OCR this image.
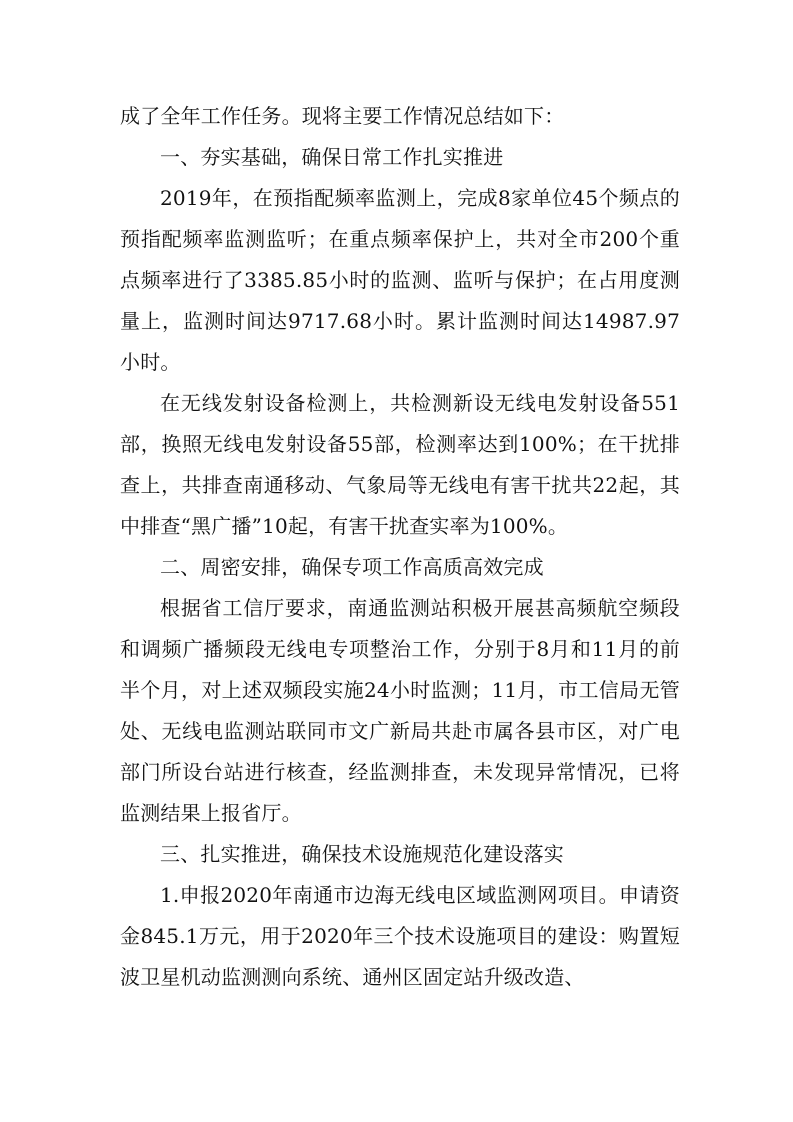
成了全年工作任务。现将主要工作情况总结如下：

一、夯实基础，确保日常工作扎实推进

2019年，在预指配频率监测上，完成8家单位45个频点的预指配频率监测监听；在重点频率保护上，共对全市200个重点频率进行了3385.85小时的监测、监听与保护；在占用度测量上，监测时间达9717.68小时。累计监测时间达14987.97小时。

在无线发射设备检测上，共检测新设无线电发射设备551部，换照无线电发射设备55部，检测率达到100%；在干扰排查上，共排查南通移动、气象局等无线电有害干扰共22起，其中排查“黑广播”10起，有害干扰查实率为100%。

二、周密安排，确保专项工作高质高效完成

根据省工信厅要求，南通监测站积极开展甚高频航空频段和调频广播频段无线电专项整治工作，分别于8月和11月的前半个月，对上述双频段实施24小时监测；11月，市工信局无管处、无线电监测站联同市文广新局共赴市属各县市区，对广电部门所设台站进行核查，经监测排查，未发现异常情况，已将监测结果上报省厅。

三、扎实推进，确保技术设施规范化建设落实

1.申报2020年南通市边海无线电区域监测网项目。申请资金845.1万元，用于2020年三个技术设施项目的建设：购置短波卫星机动监测测向系统、通州区固定站升级改造、
